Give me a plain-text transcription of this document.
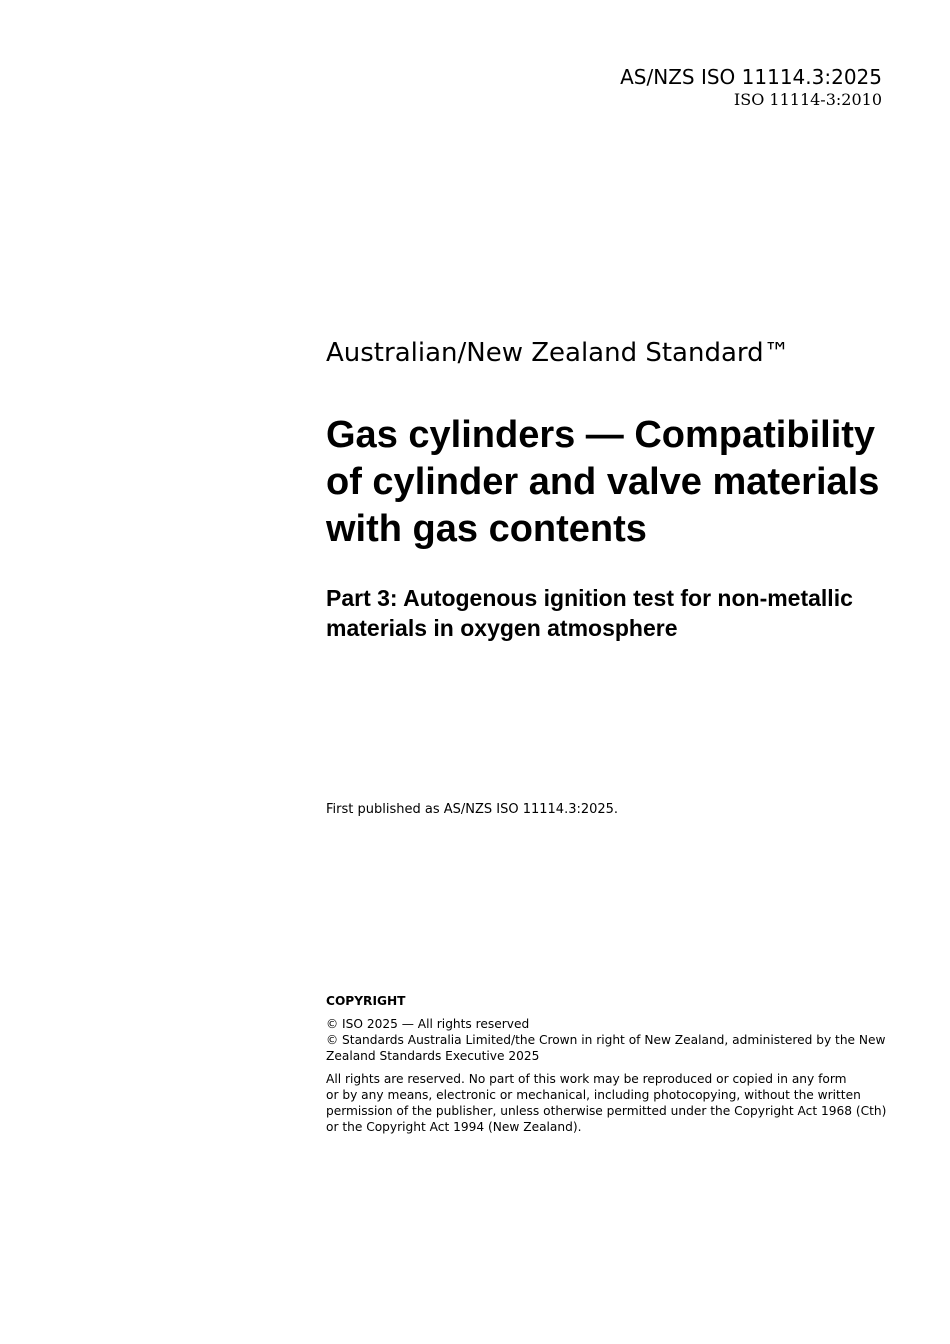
AS/NZS ISO 11114.3:2025
ISO 11114-3:2010
Australian/New Zealand Standard™
Gas cylinders — Compatibility
of cylinder and valve materials
with gas contents
Part 3: Autogenous ignition test for non-metallic
materials in oxygen atmosphere
First published as AS/NZS ISO 11114.3:2025.
COPYRIGHT
© ISO 2025 — All rights reserved
© Standards Australia Limited/the Crown in right of New Zealand, administered by the New
Zealand Standards Executive 2025
All rights are reserved. No part of this work may be reproduced or copied in any form
or by any means, electronic or mechanical, including photocopying, without the written
permission of the publisher, unless otherwise permitted under the Copyright Act 1968 (Cth)
or the Copyright Act 1994 (New Zealand).
